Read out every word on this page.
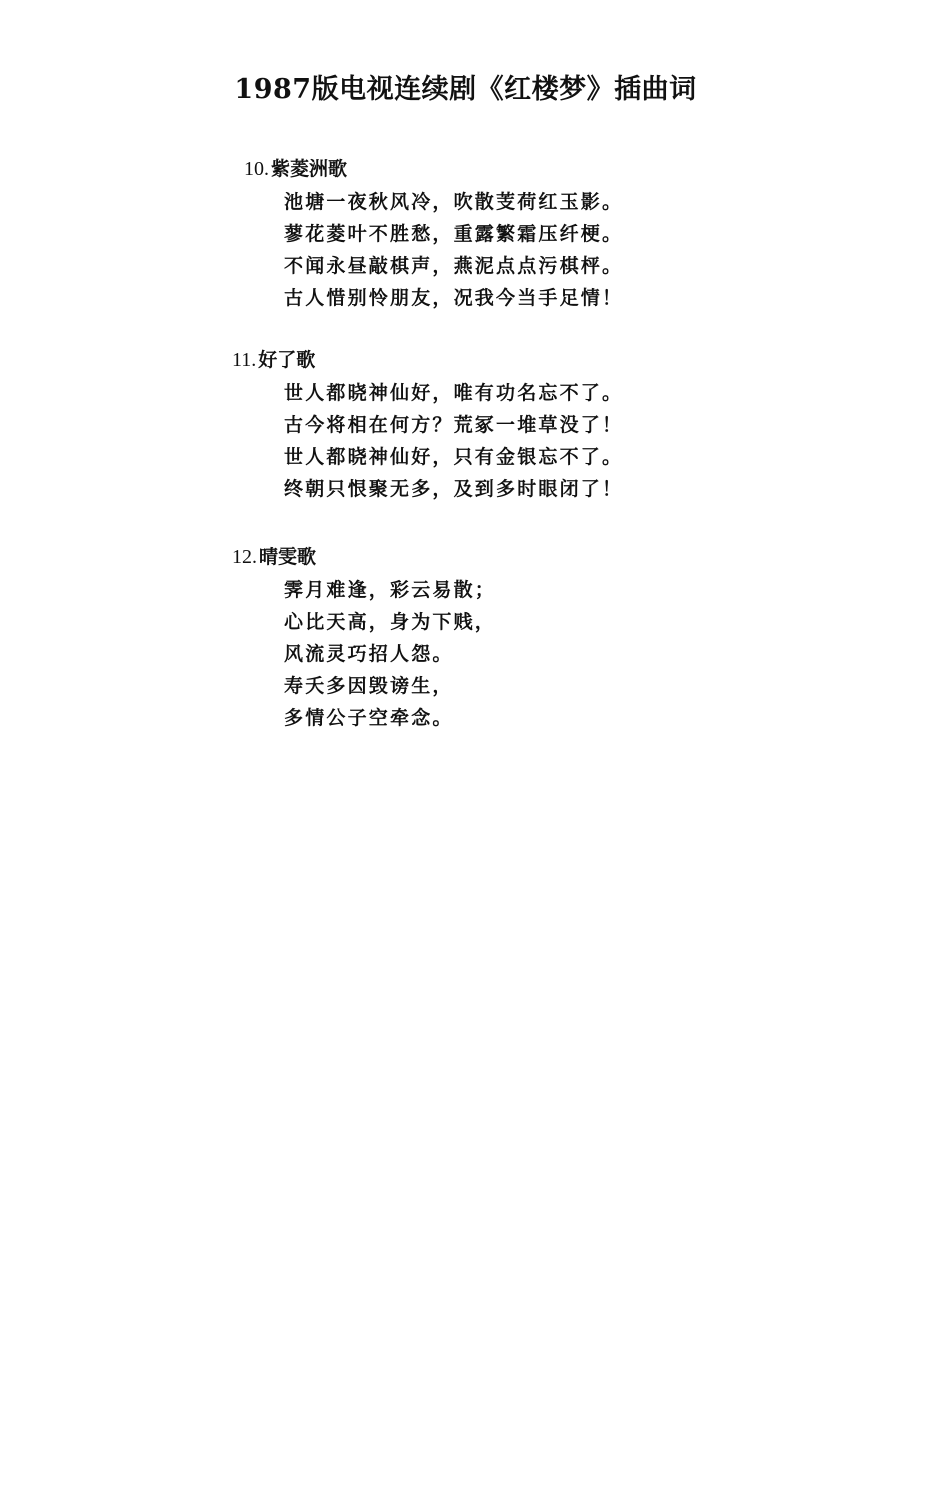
1987版电视连续剧《红楼梦》插曲词
10. 紫菱洲歌
池塘一夜秋风冷，吹散芰荷红玉影。
蓼花菱叶不胜愁，重露繁霜压纤梗。
不闻永昼敲棋声，燕泥点点污棋枰。
古人惜别怜朋友，况我今当手足情！
11. 好了歌
世人都晓神仙好，唯有功名忘不了。
古今将相在何方？荒冢一堆草没了！
世人都晓神仙好，只有金银忘不了。
终朝只恨聚无多，及到多时眼闭了！
12. 晴雯歌
霁月难逢，彩云易散；
心比天高，身为下贱，
风流灵巧招人怨。
寿夭多因毁谤生，
多情公子空牵念。
